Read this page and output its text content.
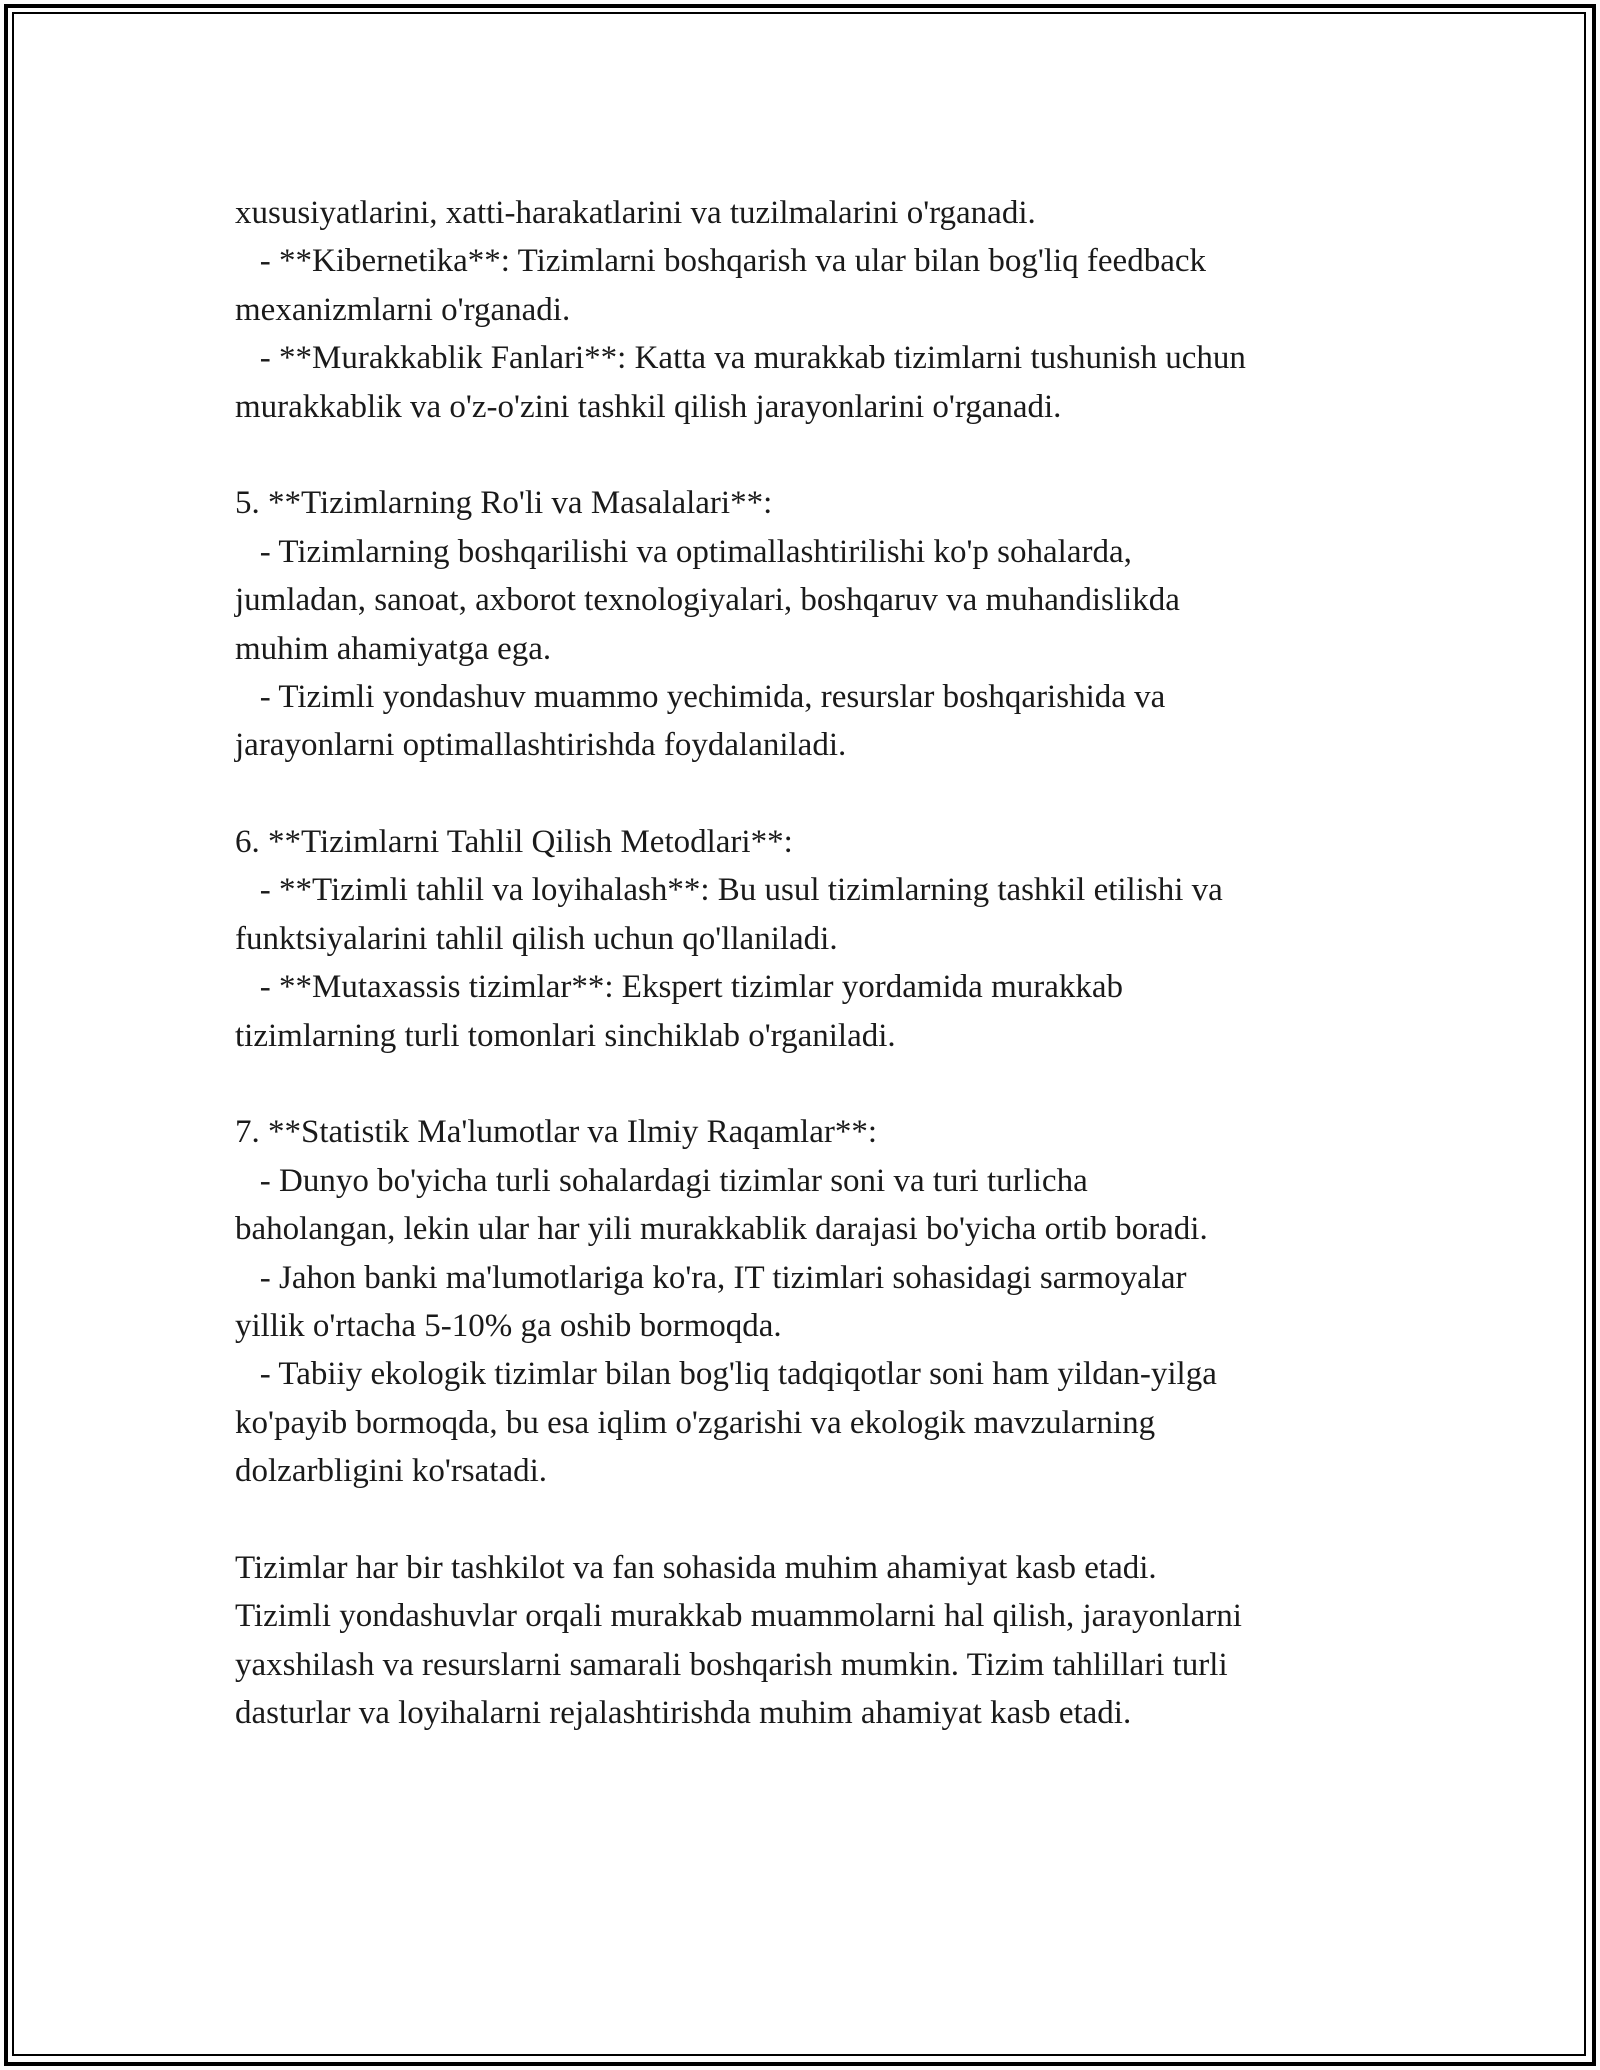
xususiyatlarini, xatti-harakatlarini va tuzilmalarini o'rganadi.
- **Kibernetika**: Tizimlarni boshqarish va ular bilan bog'liq feedback
mexanizmlarni o'rganadi.
- **Murakkablik Fanlari**: Katta va murakkab tizimlarni tushunish uchun
murakkablik va o'z-o'zini tashkil qilish jarayonlarini o'rganadi.
5. **Tizimlarning Ro'li va Masalalari**:
- Tizimlarning boshqarilishi va optimallashtirilishi ko'p sohalarda,
jumladan, sanoat, axborot texnologiyalari, boshqaruv va muhandislikda
muhim ahamiyatga ega.
- Tizimli yondashuv muammo yechimida, resurslar boshqarishida va
jarayonlarni optimallashtirishda foydalaniladi.
6. **Tizimlarni Tahlil Qilish Metodlari**:
- **Tizimli tahlil va loyihalash**: Bu usul tizimlarning tashkil etilishi va
funktsiyalarini tahlil qilish uchun qo'llaniladi.
- **Mutaxassis tizimlar**: Ekspert tizimlar yordamida murakkab
tizimlarning turli tomonlari sinchiklab o'rganiladi.
7. **Statistik Ma'lumotlar va Ilmiy Raqamlar**:
- Dunyo bo'yicha turli sohalardagi tizimlar soni va turi turlicha
baholangan, lekin ular har yili murakkablik darajasi bo'yicha ortib boradi.
- Jahon banki ma'lumotlariga ko'ra, IT tizimlari sohasidagi sarmoyalar
yillik o'rtacha 5-10% ga oshib bormoqda.
- Tabiiy ekologik tizimlar bilan bog'liq tadqiqotlar soni ham yildan-yilga
ko'payib bormoqda, bu esa iqlim o'zgarishi va ekologik mavzularning
dolzarbligini ko'rsatadi.
Tizimlar har bir tashkilot va fan sohasida muhim ahamiyat kasb etadi.
Tizimli yondashuvlar orqali murakkab muammolarni hal qilish, jarayonlarni
yaxshilash va resurslarni samarali boshqarish mumkin. Tizim tahlillari turli
dasturlar va loyihalarni rejalashtirishda muhim ahamiyat kasb etadi.
